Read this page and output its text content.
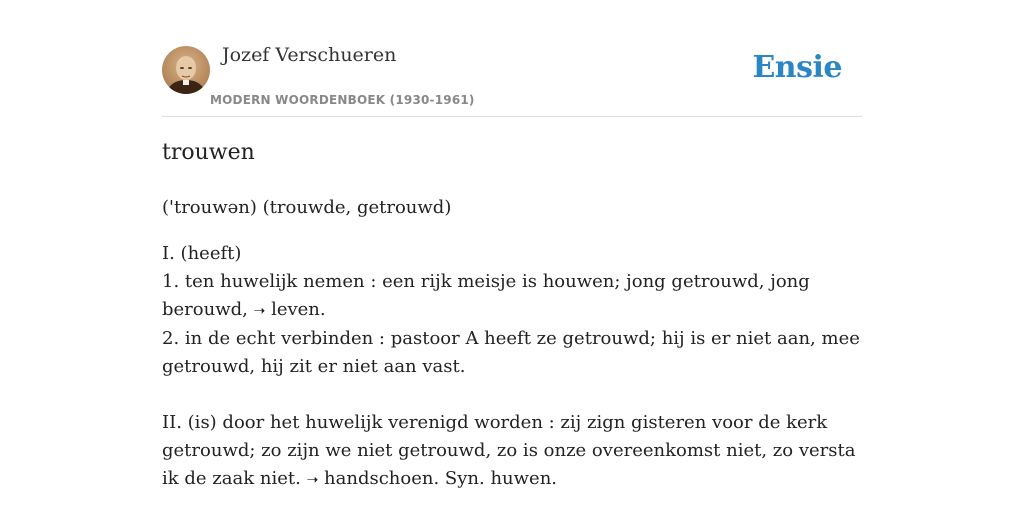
Jozef Verschueren
MODERN WOORDENBOEK (1930-1961)
Ensie
trouwen

('trouwən) (trouwde, getrouwd)

I. (heeft)

1. ten huwelijk nemen : een rijk meisje is houwen; jong getrouwd, jong berouwd, ➝ leven.

2. in de echt verbinden : pastoor A heeft ze getrouwd; hij is er niet aan, mee getrouwd, hij zit er niet aan vast.

II. (is) door het huwelijk verenigd worden : zij zign gisteren voor de kerk getrouwd; zo zijn we niet getrouwd, zo is onze overeenkomst niet, zo versta ik de zaak niet. ➝ handschoen. Syn. huwen.
